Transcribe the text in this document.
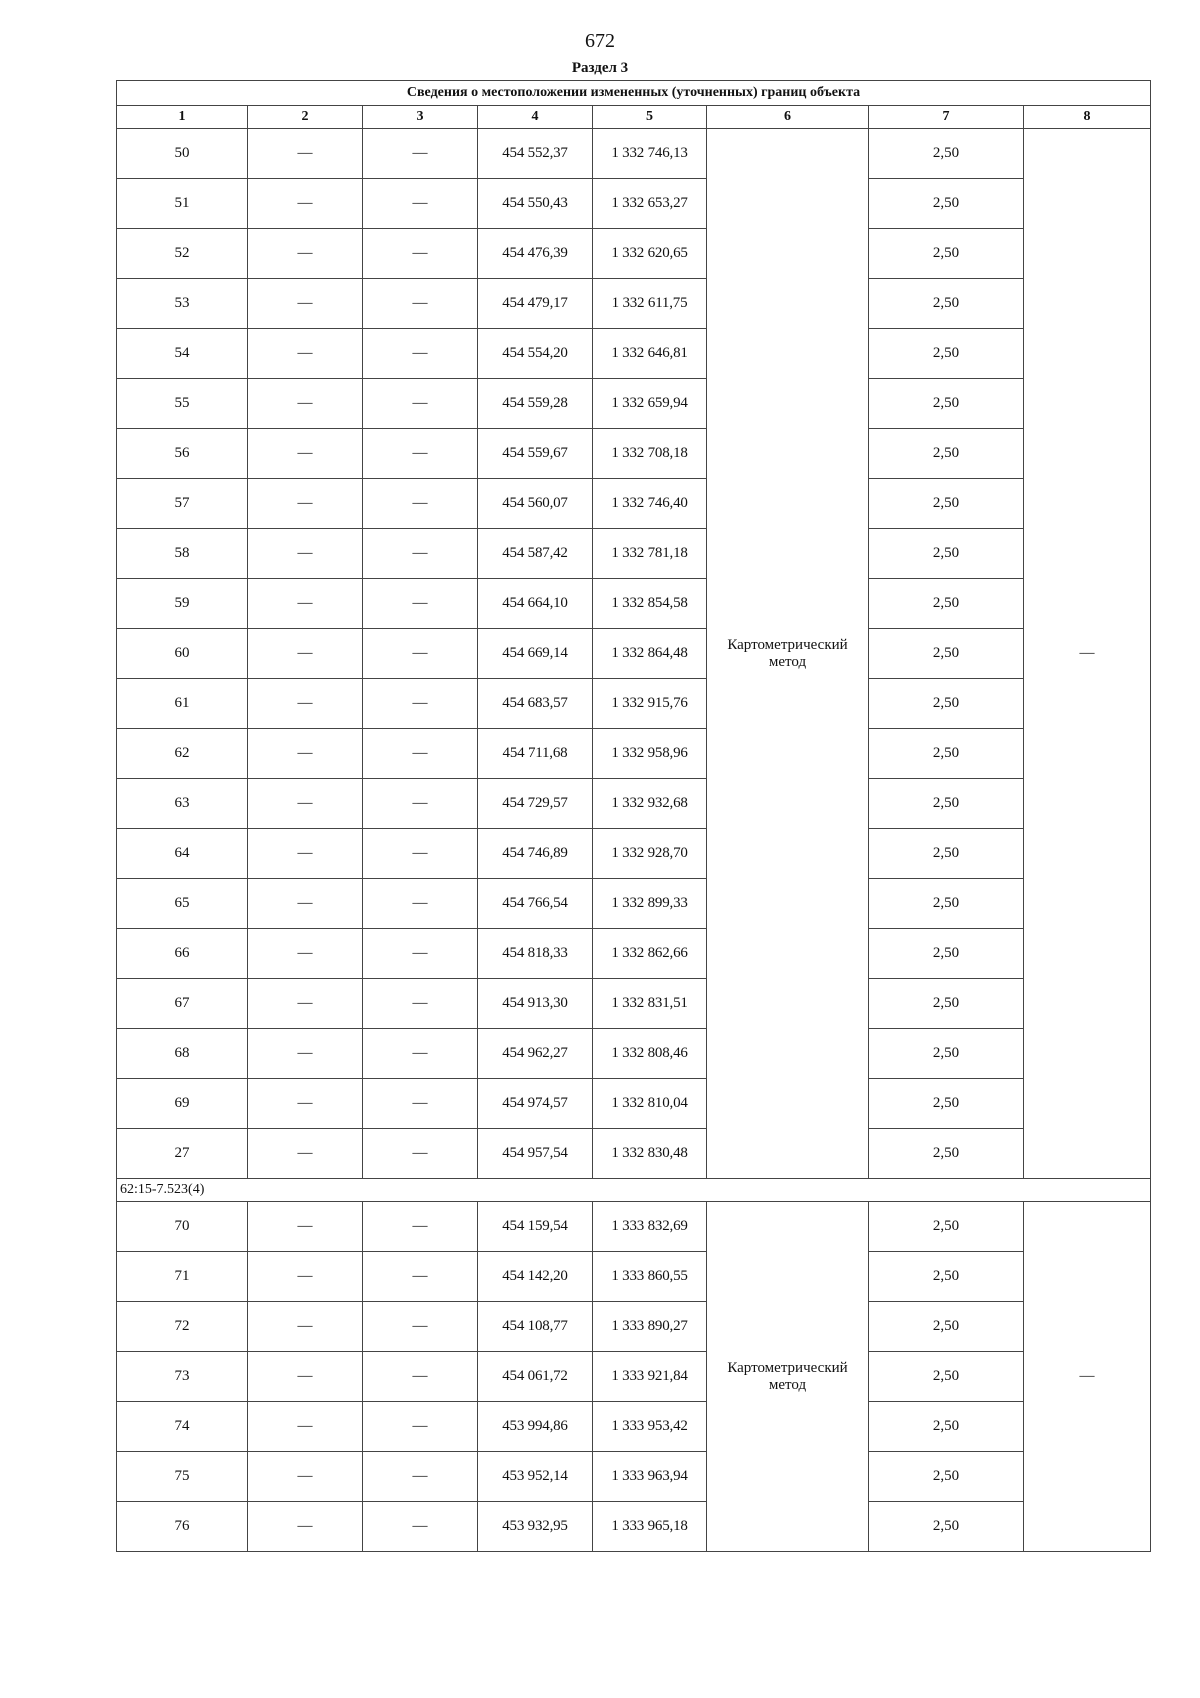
672
Раздел 3
Сведения о местоположении измененных (уточненных) границ объекта							
1	2	3	4	5	6	7	8
50	—	—	454 552,37	1 332 746,13	Картометрический метод	2,50	—
51	—	—	454 550,43	1 332 653,27		2,50	
52	—	—	454 476,39	1 332 620,65		2,50	
53	—	—	454 479,17	1 332 611,75		2,50	
54	—	—	454 554,20	1 332 646,81		2,50	
55	—	—	454 559,28	1 332 659,94		2,50	
56	—	—	454 559,67	1 332 708,18		2,50	
57	—	—	454 560,07	1 332 746,40		2,50	
58	—	—	454 587,42	1 332 781,18		2,50	
59	—	—	454 664,10	1 332 854,58		2,50	
60	—	—	454 669,14	1 332 864,48		2,50	
61	—	—	454 683,57	1 332 915,76		2,50	
62	—	—	454 711,68	1 332 958,96		2,50	
63	—	—	454 729,57	1 332 932,68		2,50	
64	—	—	454 746,89	1 332 928,70		2,50	
65	—	—	454 766,54	1 332 899,33		2,50	
66	—	—	454 818,33	1 332 862,66		2,50	
67	—	—	454 913,30	1 332 831,51		2,50	
68	—	—	454 962,27	1 332 808,46		2,50	
69	—	—	454 974,57	1 332 810,04		2,50	
27	—	—	454 957,54	1 332 830,48		2,50	
62:15-7.523(4)							
70	—	—	454 159,54	1 333 832,69	Картометрический метод	2,50	—
71	—	—	454 142,20	1 333 860,55		2,50	
72	—	—	454 108,77	1 333 890,27		2,50	
73	—	—	454 061,72	1 333 921,84		2,50	
74	—	—	453 994,86	1 333 953,42		2,50	
75	—	—	453 952,14	1 333 963,94		2,50	
76	—	—	453 932,95	1 333 965,18		2,50	
